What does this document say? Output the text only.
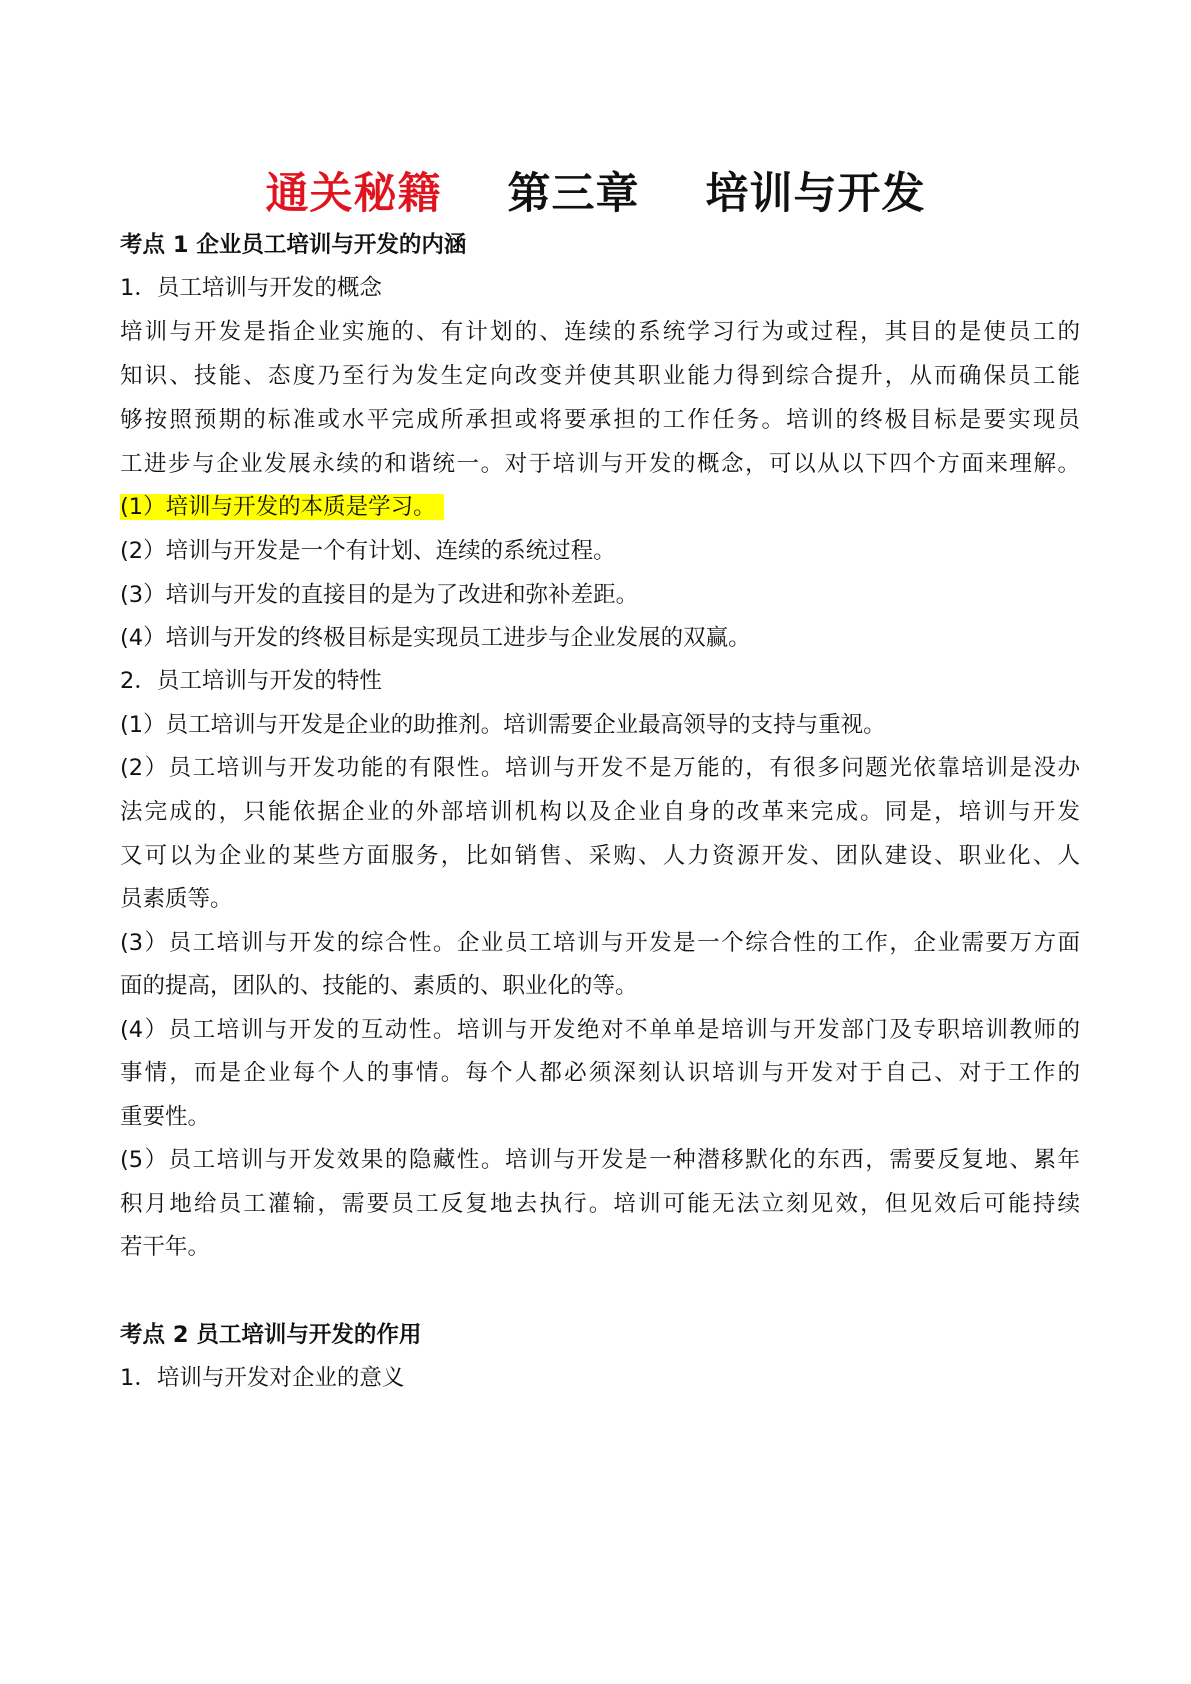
通关秘籍 第三章 培训与开发
考点 1 企业员工培训与开发的内涵
1．员工培训与开发的概念
培训与开发是指企业实施的、有计划的、连续的系统学习行为或过程，其目的是使员工的
知识、技能、态度乃至行为发生定向改变并使其职业能力得到综合提升，从而确保员工能
够按照预期的标准或水平完成所承担或将要承担的工作任务。培训的终极目标是要实现员
工进步与企业发展永续的和谐统一。对于培训与开发的概念，可以从以下四个方面来理解。
(1）培训与开发的本质是学习。
(2）培训与开发是一个有计划、连续的系统过程。
(3）培训与开发的直接目的是为了改进和弥补差距。
(4）培训与开发的终极目标是实现员工进步与企业发展的双赢。
2．员工培训与开发的特性
(1）员工培训与开发是企业的助推剂。培训需要企业最高领导的支持与重视。
(2）员工培训与开发功能的有限性。培训与开发不是万能的，有很多问题光依靠培训是没办
法完成的，只能依据企业的外部培训机构以及企业自身的改革来完成。同是，培训与开发
又可以为企业的某些方面服务，比如销售、采购、人力资源开发、团队建设、职业化、人
员素质等。
(3）员工培训与开发的综合性。企业员工培训与开发是一个综合性的工作，企业需要万方面
面的提高，团队的、技能的、素质的、职业化的等。
(4）员工培训与开发的互动性。培训与开发绝对不单单是培训与开发部门及专职培训教师的
事情，而是企业每个人的事情。每个人都必须深刻认识培训与开发对于自己、对于工作的
重要性。
(5）员工培训与开发效果的隐藏性。培训与开发是一种潜移默化的东西，需要反复地、累年
积月地给员工灌输，需要员工反复地去执行。培训可能无法立刻见效，但见效后可能持续
若干年。
考点 2 员工培训与开发的作用
1．培训与开发对企业的意义
